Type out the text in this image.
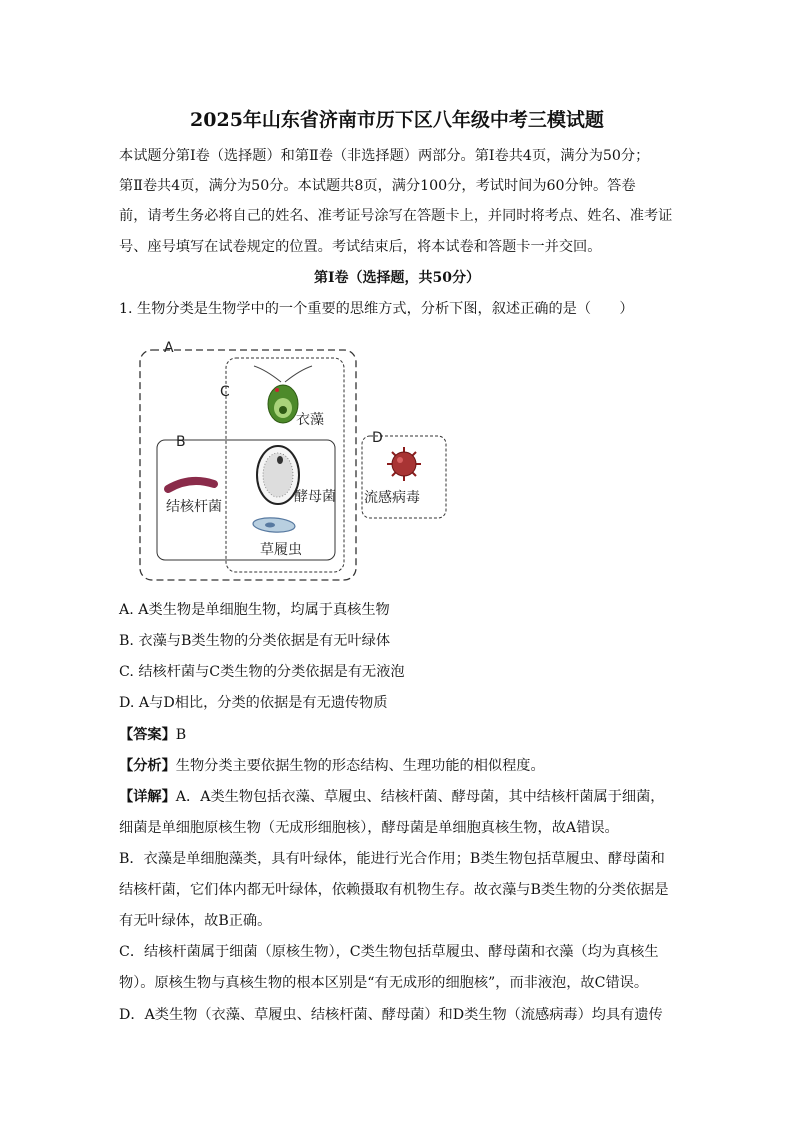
2025年山东省济南市历下区八年级中考三模试题
本试题分第Ⅰ卷（选择题）和第Ⅱ卷（非选择题）两部分。第Ⅰ卷共4页，满分为50分；
第Ⅱ卷共4页，满分为50分。本试题共8页，满分100分，考试时间为60分钟。答卷
前，请考生务必将自己的姓名、准考证号涂写在答题卡上，并同时将考点、姓名、准考证
号、座号填写在试卷规定的位置。考试结束后，将本试卷和答题卡一并交回。
第Ⅰ卷（选择题，共50分）
1. 生物分类是生物学中的一个重要的思维方式，分析下图，叙述正确的是（　　）
A
C
B	D
衣藻
酵母菌
结核杆菌
草履虫
流感病毒
A. A类生物是单细胞生物，均属于真核生物
B. 衣藻与B类生物的分类依据是有无叶绿体
C. 结核杆菌与C类生物的分类依据是有无液泡
D. A与D相比，分类的依据是有无遗传物质
【答案】B
【分析】生物分类主要依据生物的形态结构、生理功能的相似程度。
【详解】A．A类生物包括衣藻、草履虫、结核杆菌、酵母菌，其中结核杆菌属于细菌，
细菌是单细胞原核生物（无成形细胞核），酵母菌是单细胞真核生物，故A错误。
B．衣藻是单细胞藻类，具有叶绿体，能进行光合作用；B类生物包括草履虫、酵母菌和
结核杆菌，它们体内都无叶绿体，依赖摄取有机物生存。故衣藻与B类生物的分类依据是
有无叶绿体，故B正确。
C．结核杆菌属于细菌（原核生物），C类生物包括草履虫、酵母菌和衣藻（均为真核生
物）。原核生物与真核生物的根本区别是“有无成形的细胞核”，而非液泡，故C错误。
D．A类生物（衣藻、草履虫、结核杆菌、酵母菌）和D类生物（流感病毒）均具有遗传
